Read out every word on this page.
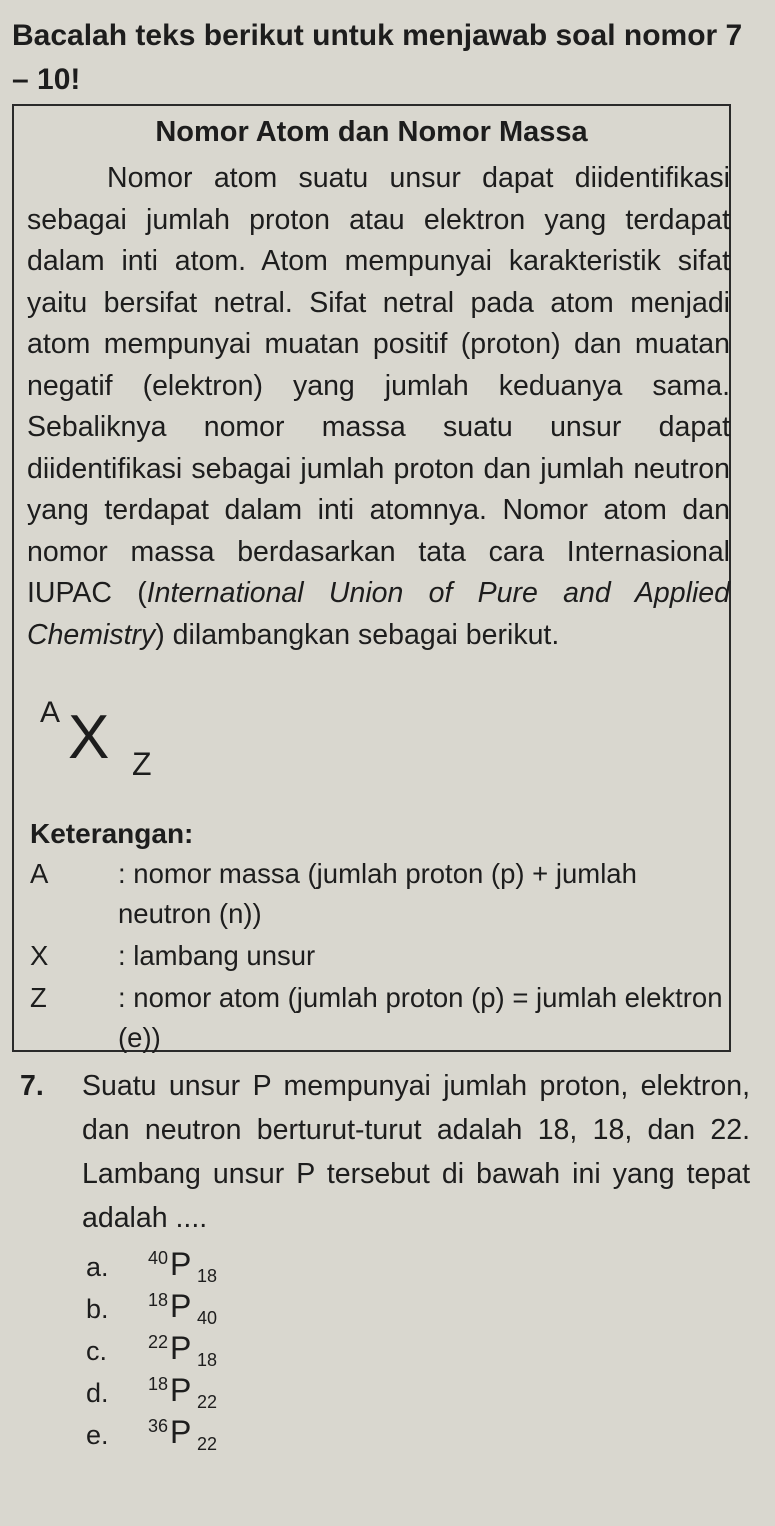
Bacalah teks berikut untuk menjawab soal nomor 7 – 10!
Nomor Atom dan Nomor Massa
Nomor atom suatu unsur dapat diidentifikasi sebagai jumlah proton atau elektron yang terdapat dalam inti atom. Atom mempunyai karakteristik sifat yaitu bersifat netral. Sifat netral pada atom menjadi atom mempunyai muatan positif (proton) dan muatan negatif (elektron) yang jumlah keduanya sama. Sebaliknya nomor massa suatu unsur dapat diidentifikasi sebagai jumlah proton dan jumlah neutron yang terdapat dalam inti atomnya. Nomor atom dan nomor massa berdasarkan tata cara Internasional IUPAC (International Union of Pure and Applied Chemistry) dilambangkan sebagai berikut.
A X Z
Keterangan:
A	: nomor massa (jumlah proton (p) + jumlah neutron (n))
X	: lambang unsur
Z	: nomor atom (jumlah proton (p) = jumlah elektron (e))
7. Suatu unsur P mempunyai jumlah proton, elektron, dan neutron berturut-turut adalah 18, 18, dan 22. Lambang unsur P tersebut di bawah ini yang tepat adalah ....
a. 40 P 18
b. 18 P 40
c. 22 P 18
d. 18 P 22
e. 36 P 22
